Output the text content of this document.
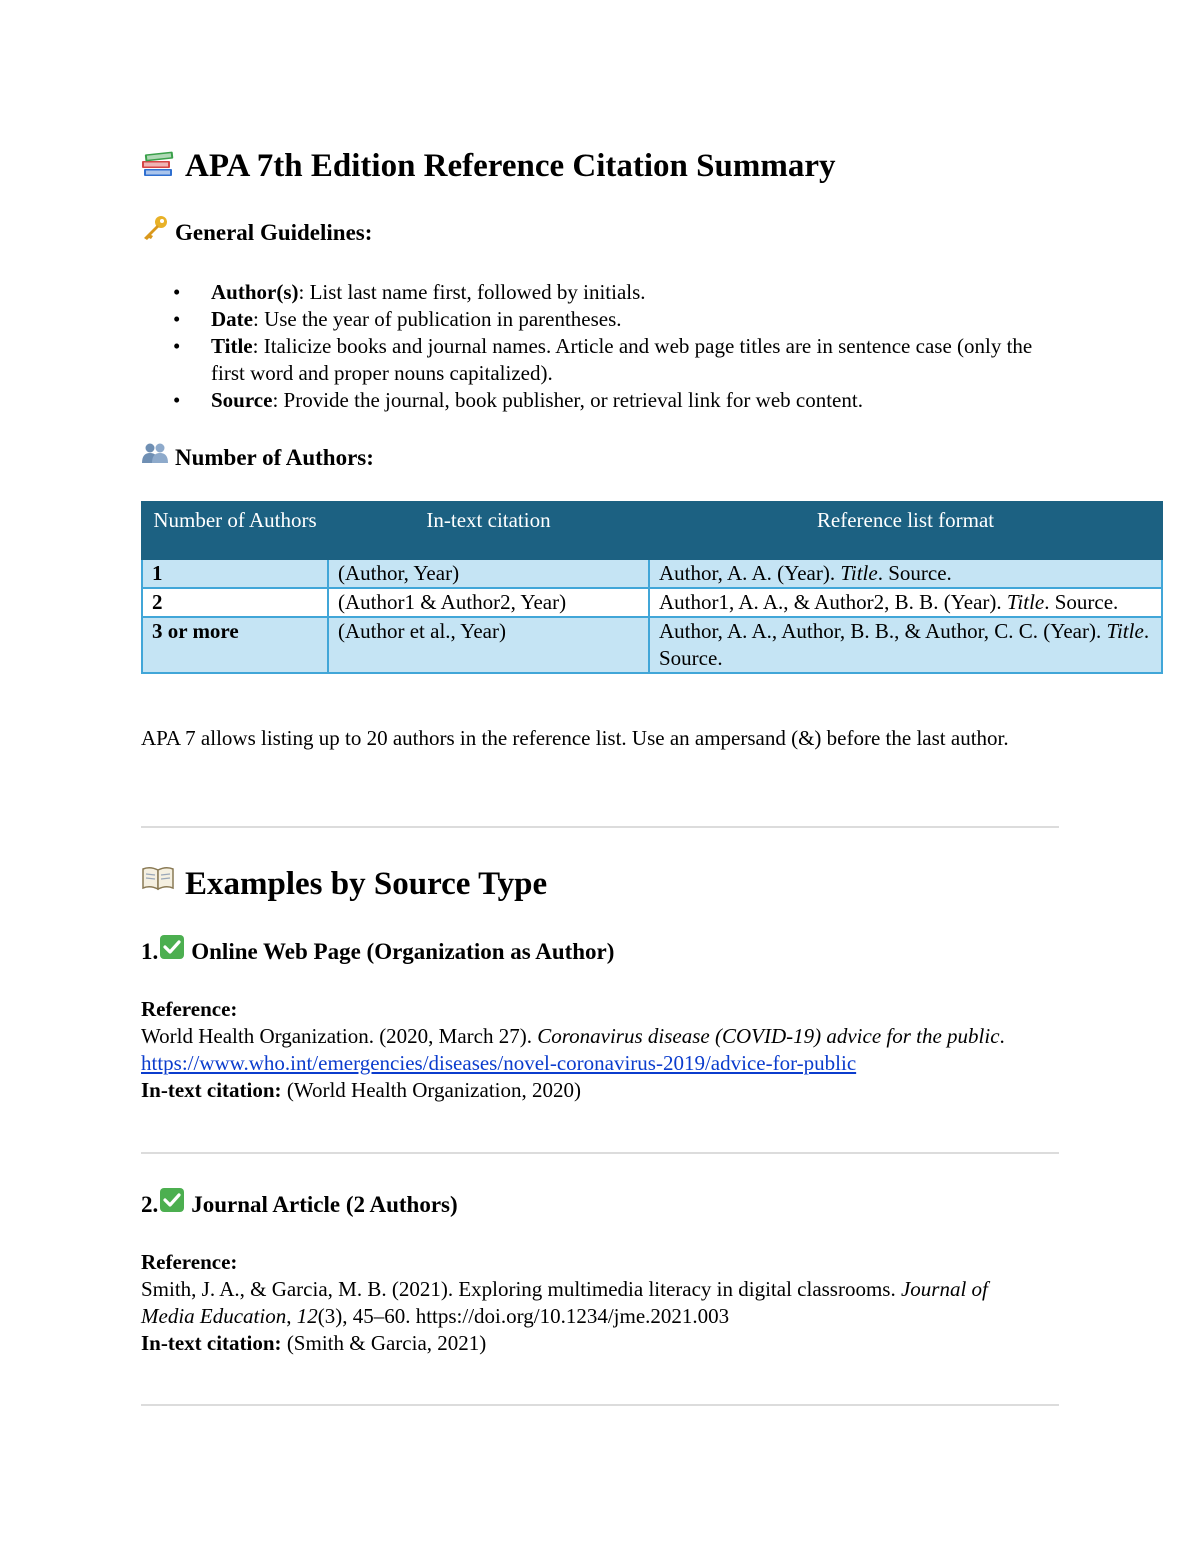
APA 7th Edition Reference Citation Summary
General Guidelines:
• Author(s): List last name first, followed by initials.
• Date: Use the year of publication in parentheses.
• Title: Italicize books and journal names. Article and web page titles are in sentence case (only the first word and proper nouns capitalized).
• Source: Provide the journal, book publisher, or retrieval link for web content.
Number of Authors:
Number of Authors	In-text citation	Reference list format
1	(Author, Year)	Author, A. A. (Year). Title. Source.
2	(Author1 & Author2, Year)	Author1, A. A., & Author2, B. B. (Year). Title. Source.
3 or more	(Author et al., Year)	Author, A. A., Author, B. B., & Author, C. C. (Year). Title. Source.
APA 7 allows listing up to 20 authors in the reference list. Use an ampersand (&) before the last author.
Examples by Source Type
1. Online Web Page (Organization as Author)
Reference:
World Health Organization. (2020, March 27). Coronavirus disease (COVID-19) advice for the public. https://www.who.int/emergencies/diseases/novel-coronavirus-2019/advice-for-public
In-text citation: (World Health Organization, 2020)
2. Journal Article (2 Authors)
Reference:
Smith, J. A., & Garcia, M. B. (2021). Exploring multimedia literacy in digital classrooms. Journal of Media Education, 12(3), 45–60. https://doi.org/10.1234/jme.2021.003
In-text citation: (Smith & Garcia, 2021)
